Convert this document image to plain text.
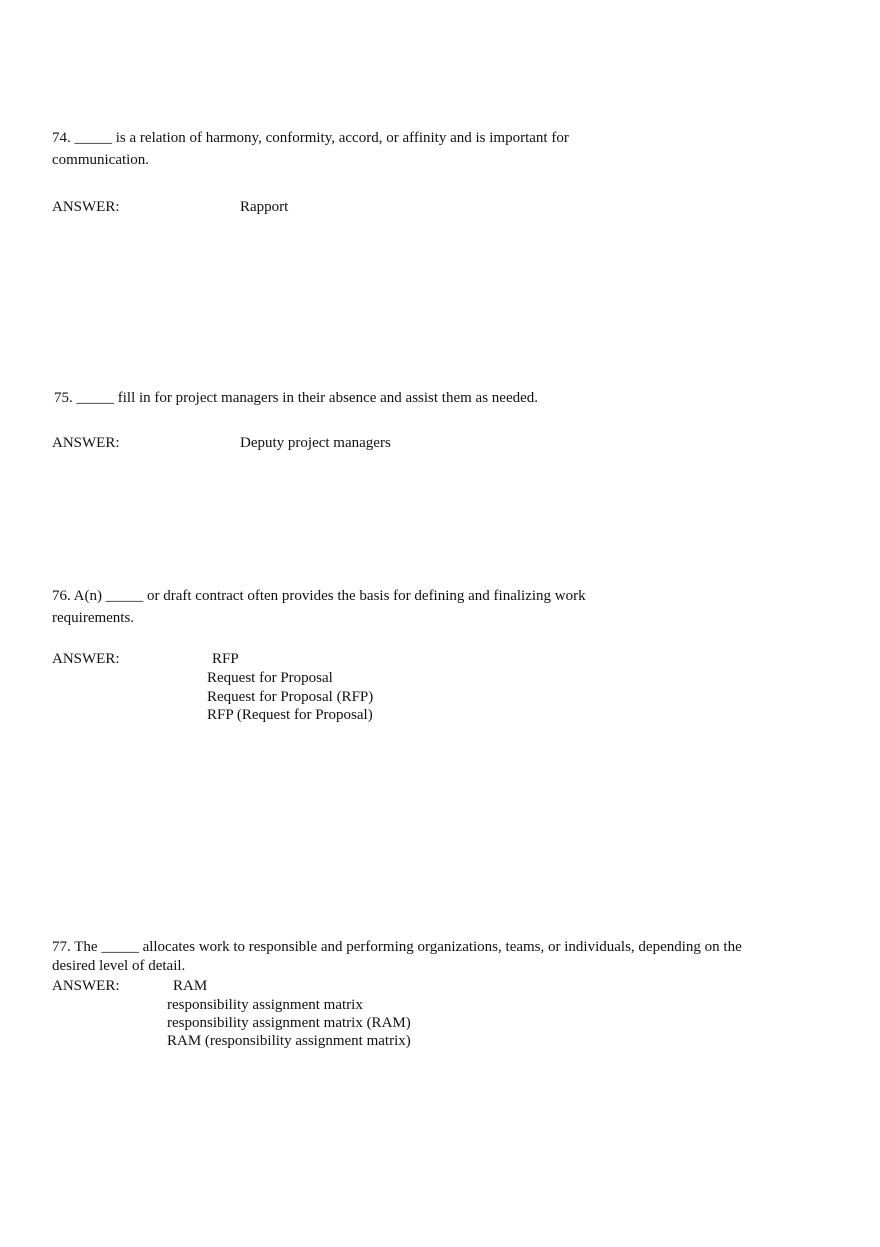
74. _____ is a relation of harmony, conformity, accord, or affinity and is important for
communication.
ANSWER:	Rapport
75. _____ fill in for project managers in their absence and assist them as needed.
ANSWER:	Deputy project managers
76. A(n) _____ or draft contract often provides the basis for defining and finalizing work
requirements.
ANSWER:	RFP
Request for Proposal
Request for Proposal (RFP)
RFP (Request for Proposal)
77. The _____ allocates work to responsible and performing organizations, teams, or individuals, depending on the
desired level of detail.
ANSWER:	RAM
responsibility assignment matrix
responsibility assignment matrix (RAM)
RAM (responsibility assignment matrix)
